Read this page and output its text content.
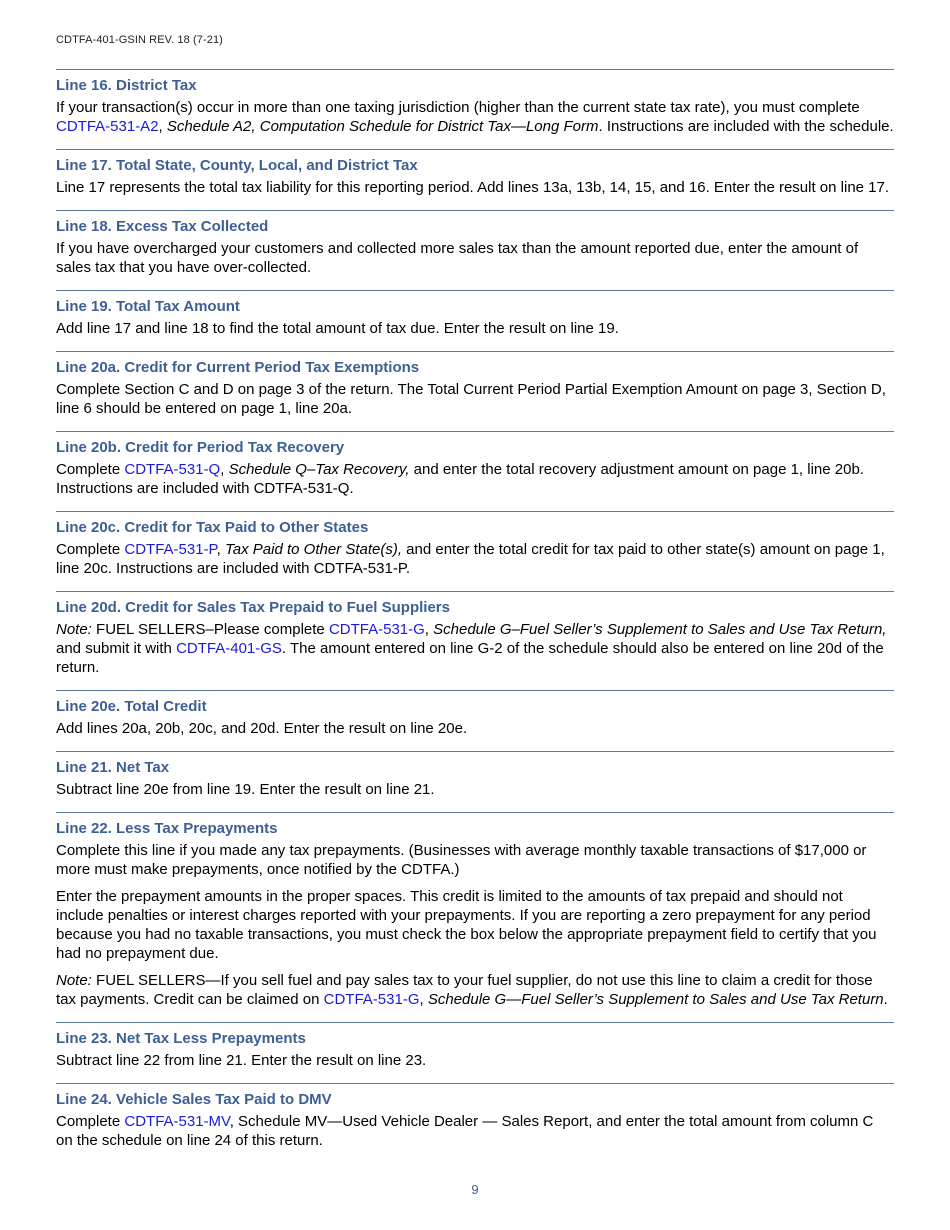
CDTFA-401-GSIN REV. 18 (7-21)
Line 16. District Tax
If your transaction(s) occur in more than one taxing jurisdiction (higher than the current state tax rate), you must complete CDTFA-531-A2, Schedule A2, Computation Schedule for District Tax—Long Form. Instructions are included with the schedule.
Line 17. Total State, County, Local, and District Tax
Line 17 represents the total tax liability for this reporting period. Add lines 13a, 13b, 14, 15, and 16. Enter the result on line 17.
Line 18. Excess Tax Collected
If you have overcharged your customers and collected more sales tax than the amount reported due, enter the amount of sales tax that you have over-collected.
Line 19. Total Tax Amount
Add line 17 and line 18 to find the total amount of tax due. Enter the result on line 19.
Line 20a. Credit for Current Period Tax Exemptions
Complete Section C and D on page 3 of the return. The Total Current Period Partial Exemption Amount on page 3, Section D, line 6 should be entered on page 1, line 20a.
Line 20b. Credit for Period Tax Recovery
Complete CDTFA-531-Q, Schedule Q–Tax Recovery, and enter the total recovery adjustment amount on page 1, line 20b. Instructions are included with CDTFA-531-Q.
Line 20c. Credit for Tax Paid to Other States
Complete CDTFA-531-P, Tax Paid to Other State(s), and enter the total credit for tax paid to other state(s) amount on page 1, line 20c. Instructions are included with CDTFA-531-P.
Line 20d. Credit for Sales Tax Prepaid to Fuel Suppliers
Note: FUEL SELLERS–Please complete CDTFA-531-G, Schedule G–Fuel Seller’s Supplement to Sales and Use Tax Return, and submit it with CDTFA-401-GS. The amount entered on line G-2 of the schedule should also be entered on line 20d of the return.
Line 20e. Total Credit
Add lines 20a, 20b, 20c, and 20d. Enter the result on line 20e.
Line 21. Net Tax
Subtract line 20e from line 19. Enter the result on line 21.
Line 22. Less Tax Prepayments
Complete this line if you made any tax prepayments. (Businesses with average monthly taxable transactions of $17,000 or more must make prepayments, once notified by the CDTFA.)
Enter the prepayment amounts in the proper spaces. This credit is limited to the amounts of tax prepaid and should not include penalties or interest charges reported with your prepayments. If you are reporting a zero prepayment for any period because you had no taxable transactions, you must check the box below the appropriate prepayment field to certify that you had no prepayment due.
Note: FUEL SELLERS—If you sell fuel and pay sales tax to your fuel supplier, do not use this line to claim a credit for those tax payments. Credit can be claimed on CDTFA-531-G, Schedule G—Fuel Seller’s Supplement to Sales and Use Tax Return.
Line 23. Net Tax Less Prepayments
Subtract line 22 from line 21. Enter the result on line 23.
Line 24. Vehicle Sales Tax Paid to DMV
Complete CDTFA-531-MV, Schedule MV—Used Vehicle Dealer — Sales Report, and enter the total amount from column C on the schedule on line 24 of this return.
9
